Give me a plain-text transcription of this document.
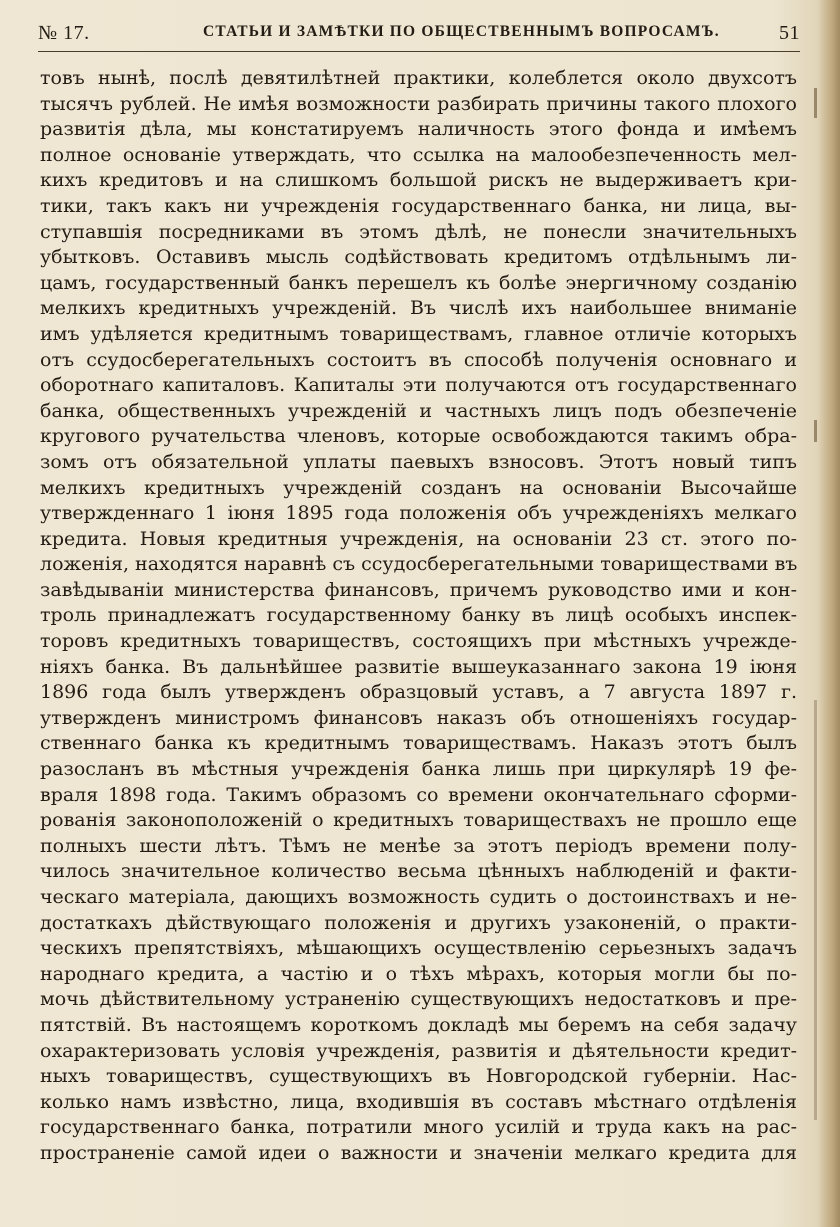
№ 17.	СТАТЬИ И ЗАМѢТКИ ПО ОБЩЕСТВЕННЫМЪ ВОПРОСАМЪ.	51
товъ нынѣ, послѣ девятилѣтней практики, колеблется около двухсотъ
тысячъ рублей. Не имѣя возможности разбирать причины такого плохого
развитія дѣла, мы констатируемъ наличность этого фонда и имѣемъ
полное основаніе утверждать, что ссылка на малообезпеченность мел-
кихъ кредитовъ и на слишкомъ большой рискъ не выдерживаетъ кри-
тики, такъ какъ ни учрежденія государственнаго банка, ни лица, вы-
ступавшія посредниками въ этомъ дѣлѣ, не понесли значительныхъ
убытковъ. Оставивъ мысль содѣйствовать кредитомъ отдѣльнымъ ли-
цамъ, государственный банкъ перешелъ къ болѣе энергичному созданію
мелкихъ кредитныхъ учрежденій. Въ числѣ ихъ наибольшее вниманіе
имъ удѣляется кредитнымъ товариществамъ, главное отличіе которыхъ
отъ ссудосберегательныхъ состоитъ въ способѣ полученія основнаго и
оборотнаго капиталовъ. Капиталы эти получаются отъ государственнаго
банка, общественныхъ учрежденій и частныхъ лицъ подъ обезпеченіе
кругового ручательства членовъ, которые освобождаются такимъ обра-
зомъ отъ обязательной уплаты паевыхъ взносовъ. Этотъ новый типъ
мелкихъ кредитныхъ учрежденій созданъ на основаніи Высочайше
утвержденнаго 1 іюня 1895 года положенія объ учрежденіяхъ мелкаго
кредита. Новыя кредитныя учрежденія, на основаніи 23 ст. этого по-
ложенія, находятся наравнѣ съ ссудосберегательными товариществами въ
завѣдываніи министерства финансовъ, причемъ руководство ими и кон-
троль принадлежатъ государственному банку въ лицѣ особыхъ инспек-
торовъ кредитныхъ товариществъ, состоящихъ при мѣстныхъ учрежде-
ніяхъ банка. Въ дальнѣйшее развитіе вышеуказаннаго закона 19 іюня
1896 года былъ утвержденъ образцовый уставъ, а 7 августа 1897 г.
утвержденъ министромъ финансовъ наказъ объ отношеніяхъ государ-
ственнаго банка къ кредитнымъ товариществамъ. Наказъ этотъ былъ
разосланъ въ мѣстныя учрежденія банка лишь при циркулярѣ 19 фе-
враля 1898 года. Такимъ образомъ со времени окончательнаго сформи-
рованія законоположеній о кредитныхъ товариществахъ не прошло еще
полныхъ шести лѣтъ. Тѣмъ не менѣе за этотъ періодъ времени полу-
чилось значительное количество весьма цѣнныхъ наблюденій и факти-
ческаго матеріала, дающихъ возможность судить о достоинствахъ и не-
достаткахъ дѣйствующаго положенія и другихъ узаконеній, о практи-
ческихъ препятствіяхъ, мѣшающихъ осуществленію серьезныхъ задачъ
народнаго кредита, а частію и о тѣхъ мѣрахъ, которыя могли бы по-
мочь дѣйствительному устраненію существующихъ недостатковъ и пре-
пятствій. Въ настоящемъ короткомъ докладѣ мы беремъ на себя задачу
охарактеризовать условія учрежденія, развитія и дѣятельности кредит-
ныхъ товариществъ, существующихъ въ Новгородской губерніи. Нас-
колько намъ извѣстно, лица, входившія въ составъ мѣстнаго отдѣленія
государственнаго банка, потратили много усилій и труда какъ на рас-
пространеніе самой идеи о важности и значеніи мелкаго кредита для
